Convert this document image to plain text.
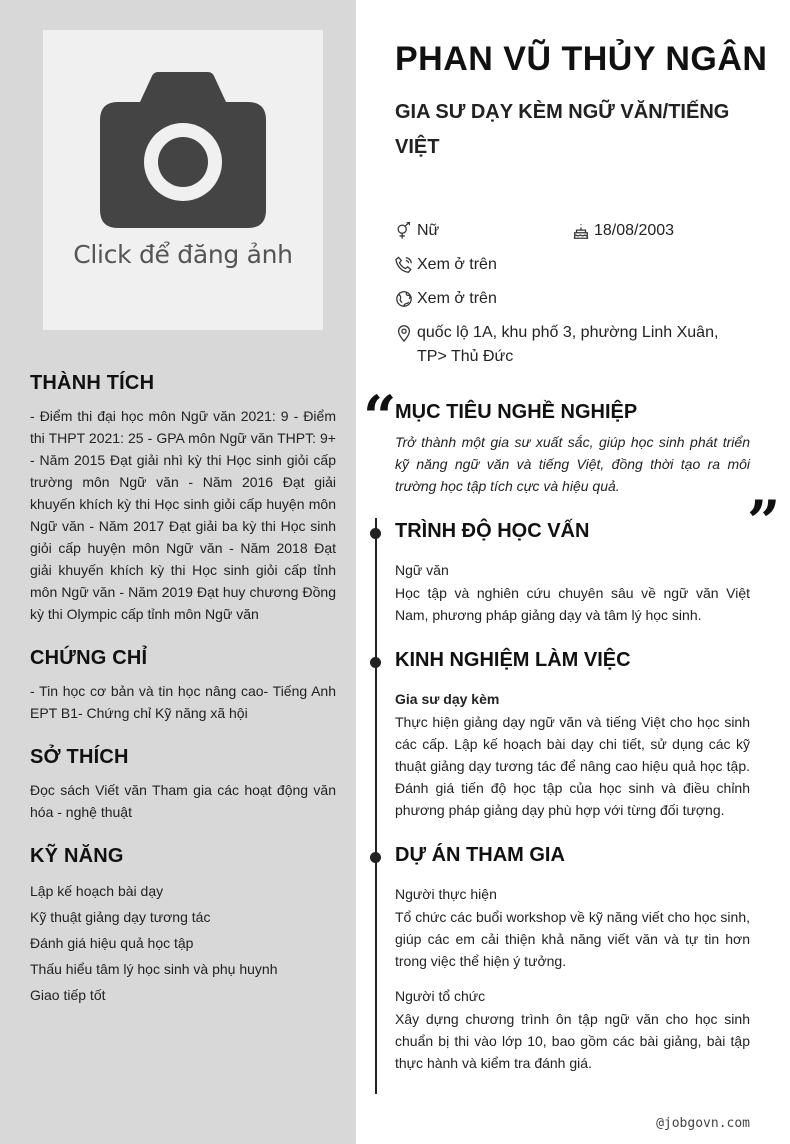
Click để đăng ảnh
THÀNH TÍCH

- Điểm thi đại học môn Ngữ văn 2021: 9 - Điểm thi THPT 2021: 25 - GPA môn Ngữ văn THPT: 9+ - Năm 2015 Đạt giải nhì kỳ thi Học sinh giỏi cấp trường môn Ngữ văn - Năm 2016 Đạt giải khuyến khích kỳ thi Học sinh giỏi cấp huyện môn Ngữ văn - Năm 2017 Đạt giải ba kỳ thi Học sinh giỏi cấp huyện môn Ngữ văn - Năm 2018 Đạt giải khuyến khích kỳ thi Học sinh giỏi cấp tỉnh môn Ngữ văn - Năm 2019 Đạt huy chương Đồng kỳ thi Olympic cấp tỉnh môn Ngữ văn

CHỨNG CHỈ

- Tin học cơ bản và tin học nâng cao- Tiếng Anh EPT B1- Chứng chỉ Kỹ năng xã hội

SỞ THÍCH

Đọc sách Viết văn Tham gia các hoạt động văn hóa - nghệ thuật

KỸ NĂNG
Lập kế hoạch bài dạy
Kỹ thuật giảng dạy tương tác
Đánh giá hiệu quả học tập
Thấu hiểu tâm lý học sinh và phụ huynh
Giao tiếp tốt
PHAN VŨ THỦY NGÂN
GIA SƯ DẠY KÈM NGỮ VĂN/TIẾNG VIỆT
Nữ	18/08/2003
Xem ở trên
Xem ở trên
quốc lộ 1A, khu phố 3, phường Linh Xuân, TP> Thủ Đức
“
”
MỤC TIÊU NGHỀ NGHIỆP
Trở thành một gia sư xuất sắc, giúp học sinh phát triển kỹ năng ngữ văn và tiếng Việt, đồng thời tạo ra môi trường học tập tích cực và hiệu quả.
TRÌNH ĐỘ HỌC VẤN
Ngữ văn
Học tập và nghiên cứu chuyên sâu về ngữ văn Việt Nam, phương pháp giảng dạy và tâm lý học sinh.
KINH NGHIỆM LÀM VIỆC
Gia sư dạy kèm
Thực hiện giảng dạy ngữ văn và tiếng Việt cho học sinh các cấp. Lập kế hoạch bài dạy chi tiết, sử dụng các kỹ thuật giảng dạy tương tác để nâng cao hiệu quả học tập. Đánh giá tiến độ học tập của học sinh và điều chỉnh phương pháp giảng dạy phù hợp với từng đối tượng.
DỰ ÁN THAM GIA
Người thực hiện
Tổ chức các buổi workshop về kỹ năng viết cho học sinh, giúp các em cải thiện khả năng viết văn và tự tin hơn trong việc thể hiện ý tưởng.
Người tổ chức
Xây dựng chương trình ôn tập ngữ văn cho học sinh chuẩn bị thi vào lớp 10, bao gồm các bài giảng, bài tập thực hành và kiểm tra đánh giá.
@jobgovn.com
